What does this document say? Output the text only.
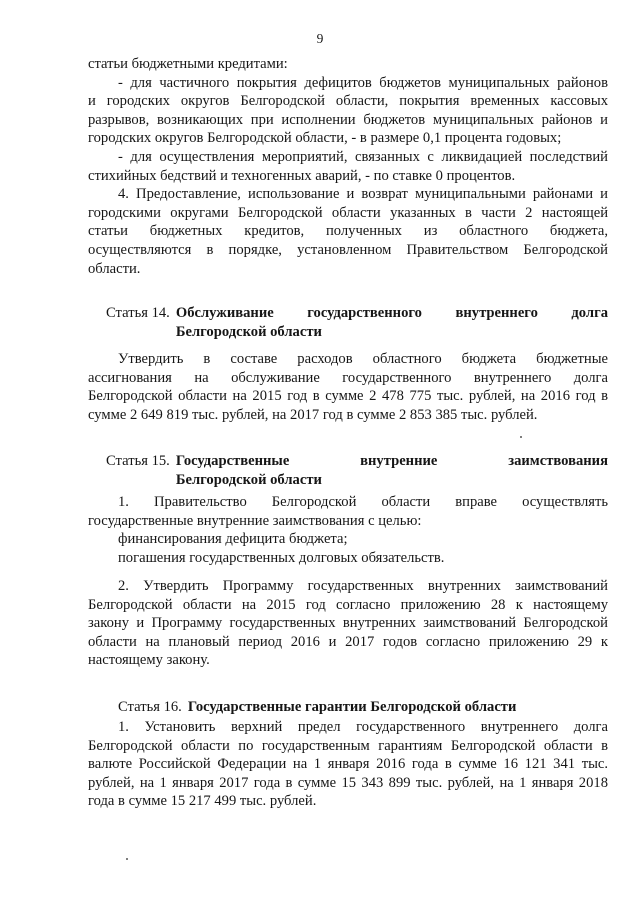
9

статьи бюджетными кредитами:

- для частичного покрытия дефицитов бюджетов муниципальных районов
и городских округов Белгородской области, покрытия временных кассовых
разрывов, возникающих при исполнении бюджетов муниципальных районов и
городских округов Белгородской области, - в размере 0,1 процента годовых;

- для осуществления мероприятий, связанных с ликвидацией последствий
стихийных бедствий и техногенных аварий, - по ставке 0 процентов.

4. Предоставление, использование и возврат муниципальными районами и
городскими округами Белгородской области указанных в части 2 настоящей
статьи бюджетных кредитов, полученных из областного бюджета,
осуществляются в порядке, установленном Правительством Белгородской
области.

Статья 14. Обслуживание государственного внутреннего долга
Белгородской области

Утвердить в составе расходов областного бюджета бюджетные
ассигнования на обслуживание государственного внутреннего долга
Белгородской области на 2015 год в сумме 2 478 775 тыс. рублей, на 2016 год в
сумме 2 649 819 тыс. рублей, на 2017 год в сумме 2 853 385 тыс. рублей.

Статья 15. Государственные внутренние заимствования
Белгородской области

1. Правительство Белгородской области вправе осуществлять
государственные внутренние заимствования с целью:

финансирования дефицита бюджета;

погашения государственных долговых обязательств.

2. Утвердить Программу государственных внутренних заимствований
Белгородской области на 2015 год согласно приложению 28 к настоящему
закону и Программу государственных внутренних заимствований Белгородской
области на плановый период 2016 и 2017 годов согласно приложению 29 к
настоящему закону.

Статья 16. Государственные гарантии Белгородской области

1. Установить верхний предел государственного внутреннего долга
Белгородской области по государственным гарантиям Белгородской области в
валюте Российской Федерации на 1 января 2016 года в сумме 16 121 341 тыс.
рублей, на 1 января 2017 года в сумме 15 343 899 тыс. рублей, на 1 января 2018
года в сумме 15 217 499 тыс. рублей.
